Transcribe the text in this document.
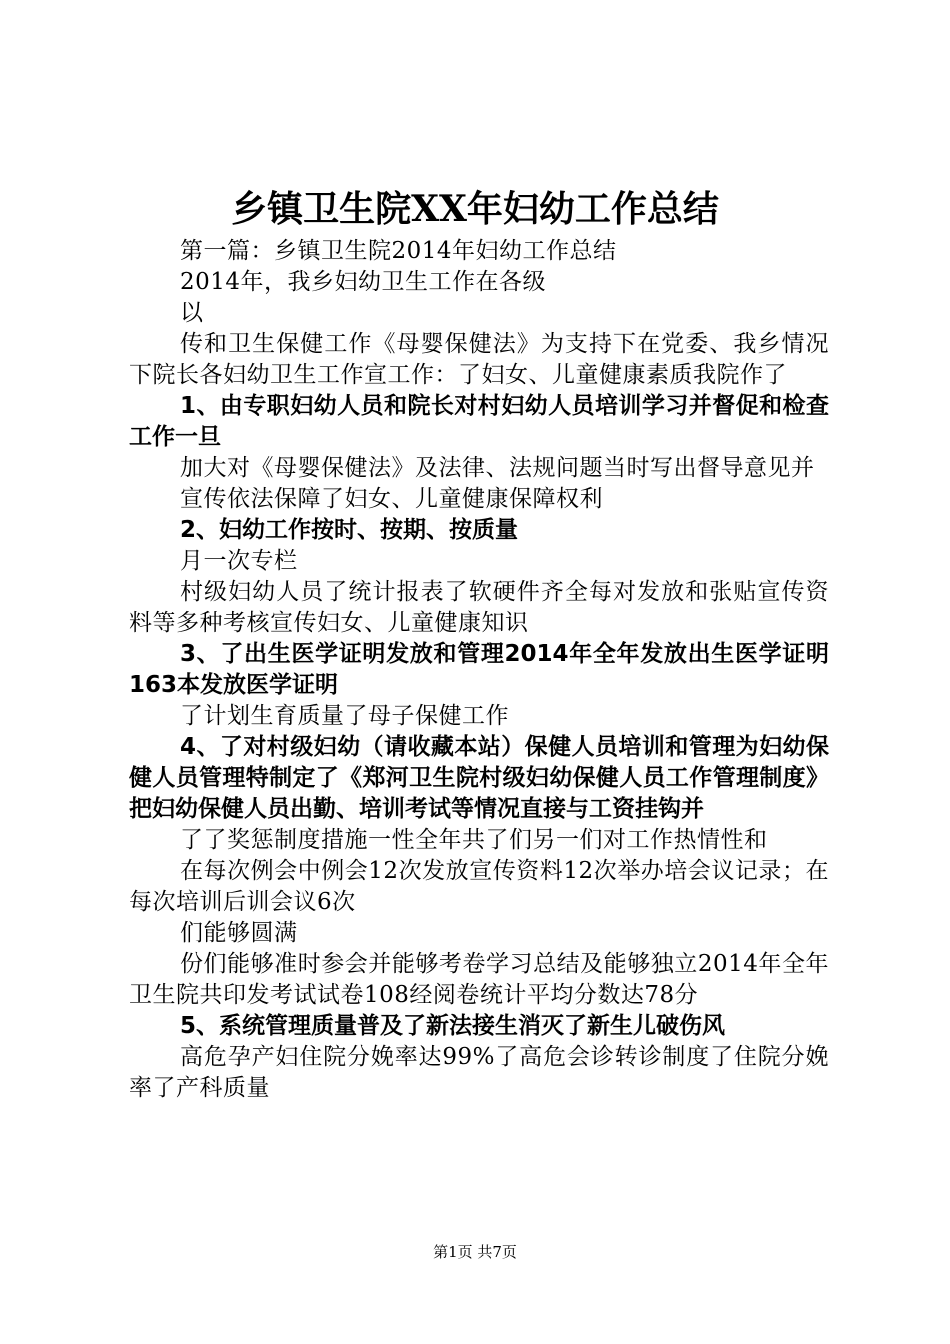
乡镇卫生院XX年妇幼工作总结

第一篇：乡镇卫生院2014年妇幼工作总结

2014年，我乡妇幼卫生工作在各级

以

传和卫生保健工作《母婴保健法》为支持下在党委、我乡情况下院长各妇幼卫生工作宣工作：了妇女、儿童健康素质我院作了

1、由专职妇幼人员和院长对村妇幼人员培训学习并督促和检查工作一旦

加大对《母婴保健法》及法律、法规问题当时写出督导意见并

宣传依法保障了妇女、儿童健康保障权利

2、妇幼工作按时、按期、按质量

月一次专栏

村级妇幼人员了统计报表了软硬件齐全每对发放和张贴宣传资料等多种考核宣传妇女、儿童健康知识

3、了出生医学证明发放和管理2014年全年发放出生医学证明163本发放医学证明

了计划生育质量了母子保健工作

4、了对村级妇幼（请收藏本站）保健人员培训和管理为妇幼保健人员管理特制定了《郑河卫生院村级妇幼保健人员工作管理制度》把妇幼保健人员出勤、培训考试等情况直接与工资挂钩并

了了奖惩制度措施一性全年共了们另一们对工作热情性和

在每次例会中例会12次发放宣传资料12次举办培会议记录；在每次培训后训会议6次

们能够圆满

份们能够准时参会并能够考卷学习总结及能够独立2014年全年卫生院共印发考试试卷108经阅卷统计平均分数达78分

5、系统管理质量普及了新法接生消灭了新生儿破伤风

高危孕产妇住院分娩率达99%了高危会诊转诊制度了住院分娩率了产科质量

第1页 共7页
